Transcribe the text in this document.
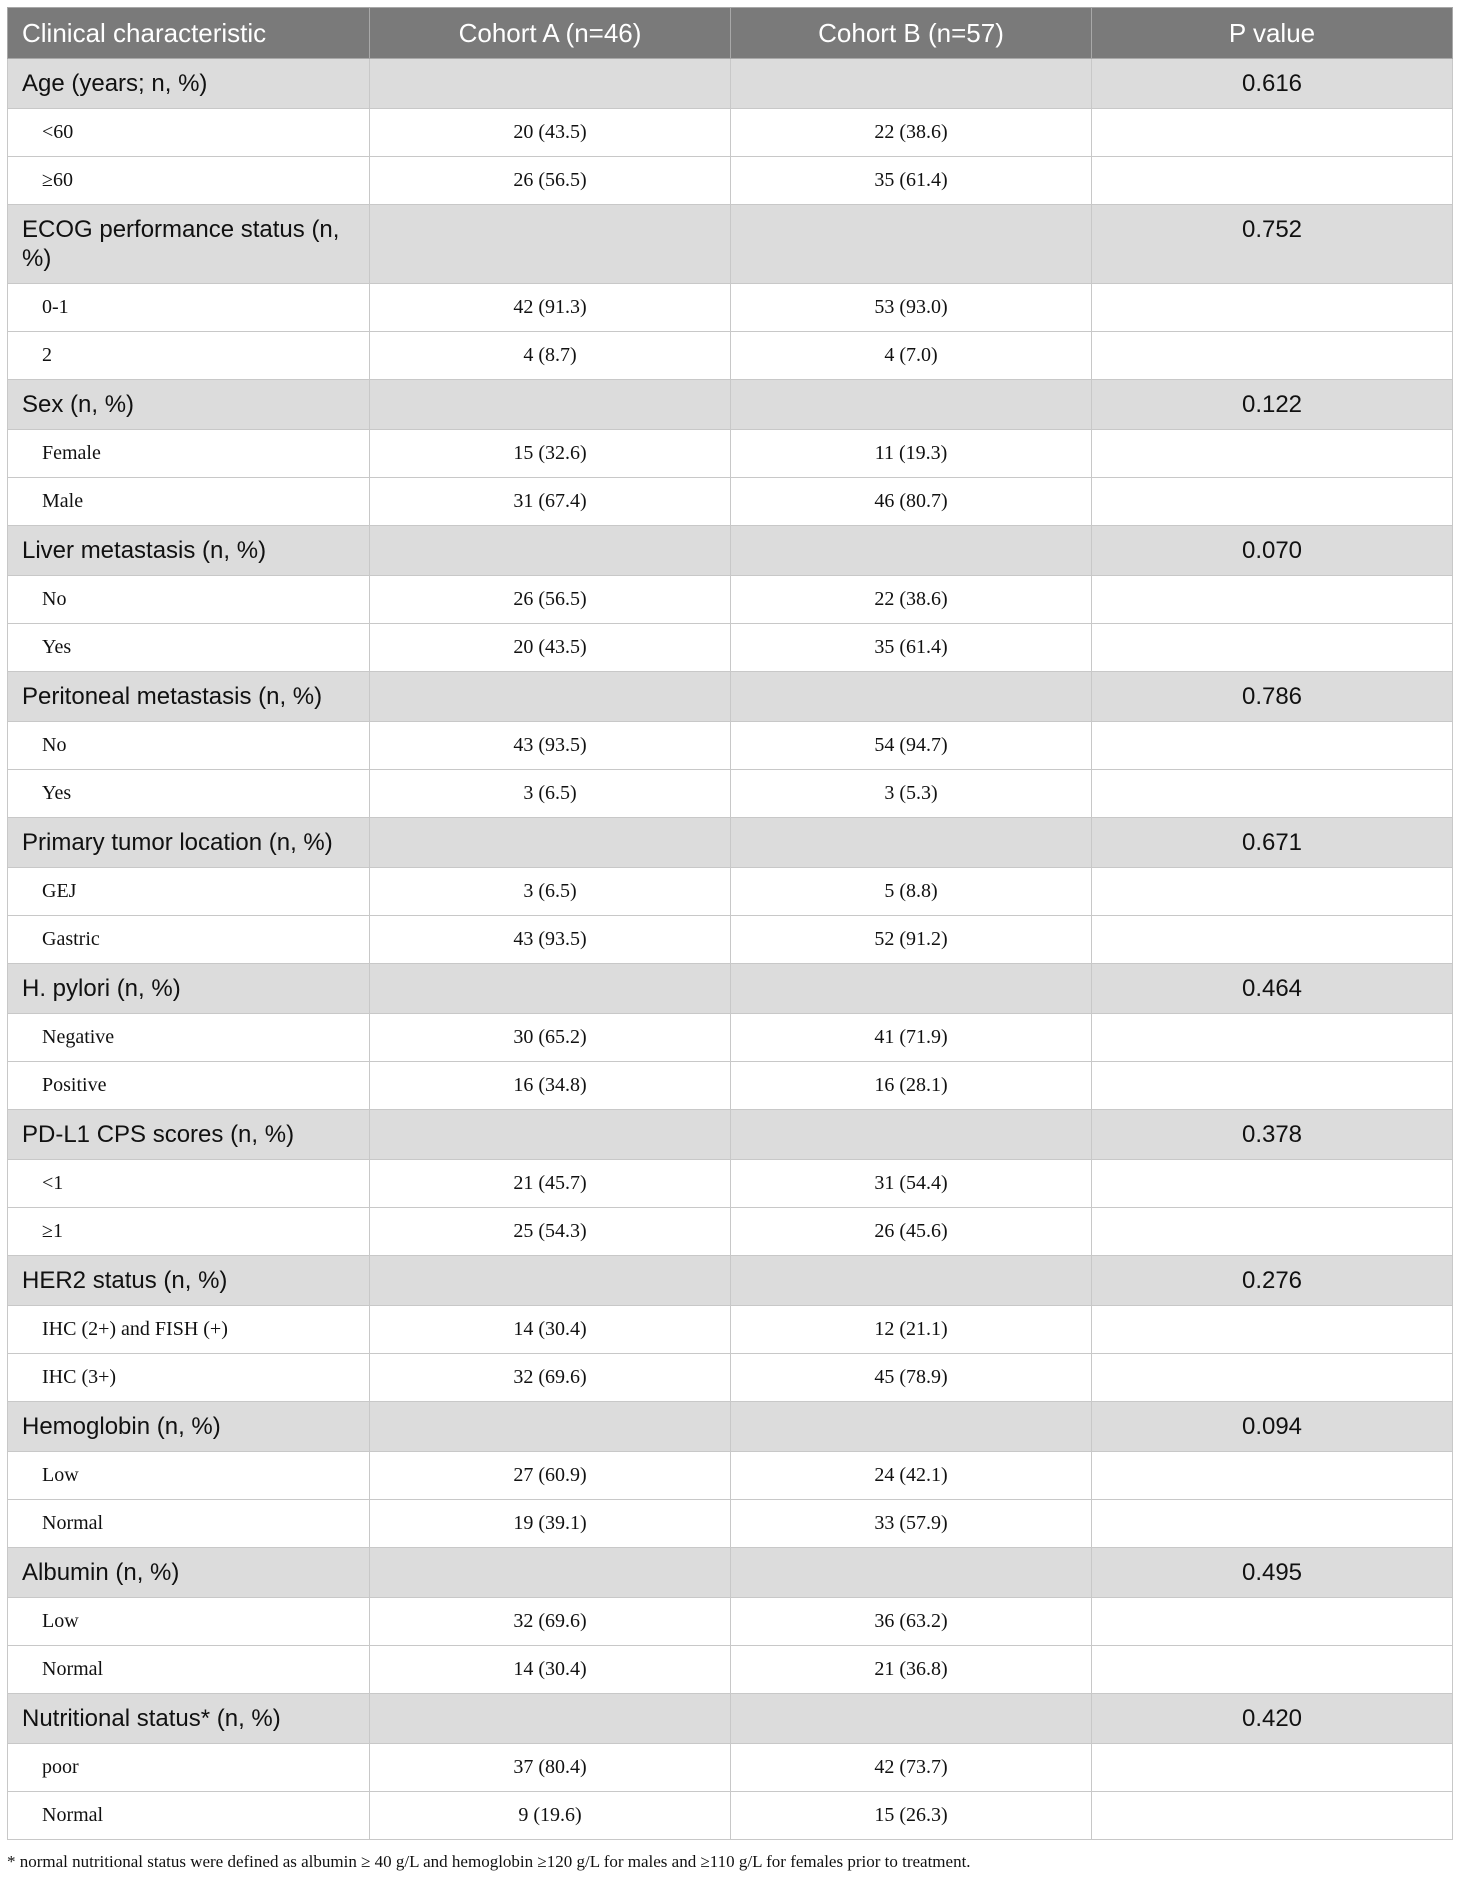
Clinical characteristic	Cohort A (n=46)	Cohort B (n=57)	P value
Age (years; n, %)			0.616
<60	20 (43.5)	22 (38.6)	
≥60	26 (56.5)	35 (61.4)	
ECOG performance status (n, %)			0.752
0-1	42 (91.3)	53 (93.0)	
2	4 (8.7)	4 (7.0)	
Sex (n, %)			0.122
Female	15 (32.6)	11 (19.3)	
Male	31 (67.4)	46 (80.7)	
Liver metastasis (n, %)			0.070
No	26 (56.5)	22 (38.6)	
Yes	20 (43.5)	35 (61.4)	
Peritoneal metastasis (n, %)			0.786
No	43 (93.5)	54 (94.7)	
Yes	3 (6.5)	3 (5.3)	
Primary tumor location (n, %)			0.671
GEJ	3 (6.5)	5 (8.8)	
Gastric	43 (93.5)	52 (91.2)	
H. pylori (n, %)			0.464
Negative	30 (65.2)	41 (71.9)	
Positive	16 (34.8)	16 (28.1)	
PD-L1 CPS scores (n, %)			0.378
<1	21 (45.7)	31 (54.4)	
≥1	25 (54.3)	26 (45.6)	
HER2 status (n, %)			0.276
IHC (2+) and FISH (+)	14 (30.4)	12 (21.1)	
IHC (3+)	32 (69.6)	45 (78.9)	
Hemoglobin (n, %)			0.094
Low	27 (60.9)	24 (42.1)	
Normal	19 (39.1)	33 (57.9)	
Albumin (n, %)			0.495
Low	32 (69.6)	36 (63.2)	
Normal	14 (30.4)	21 (36.8)	
Nutritional status* (n, %)			0.420
poor	37 (80.4)	42 (73.7)	
Normal	9 (19.6)	15 (26.3)	
* normal nutritional status were defined as albumin ≥ 40 g/L and hemoglobin ≥120 g/L for males and ≥110 g/L for females prior to treatment.
